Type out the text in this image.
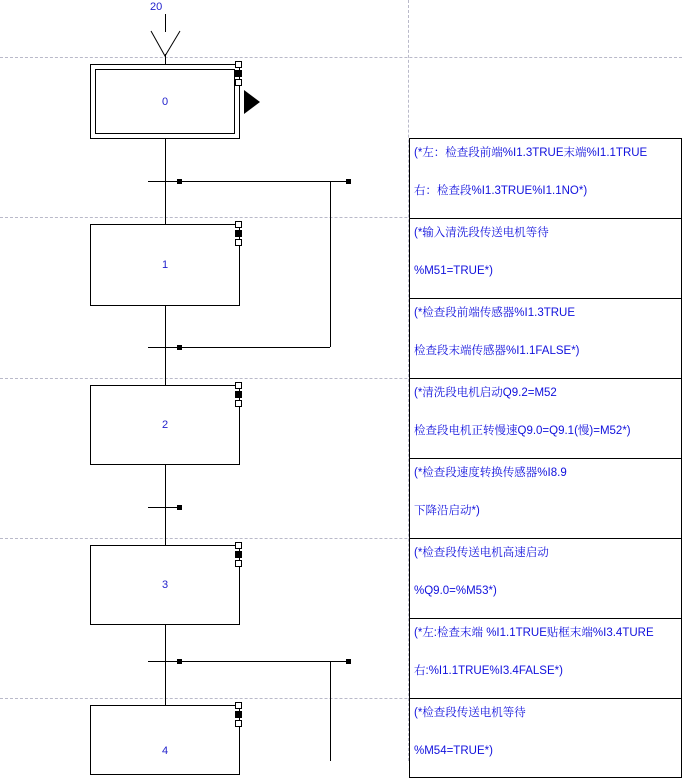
20
0
1
2
3
4
(*左：检查段前端%I1.3TRUE末端%I1.1TRUE
右：检查段%I1.3TRUE%I1.1NO*)
(*输入清洗段传送电机等待
%M51=TRUE*)
(*检查段前端传感器%I1.3TRUE
检查段末端传感器%I1.1FALSE*)
(*清洗段电机启动Q9.2=M52
检查段电机正转慢速Q9.0=Q9.1(慢)=M52*)
(*检查段速度转换传感器%I8.9
下降沿启动*)
(*检查段传送电机高速启动
%Q9.0=%M53*)
(*左:检查末端 %I1.1TRUE贴框末端%I3.4TURE
右:%I1.1TRUE%I3.4FALSE*)
(*检查段传送电机等待
%M54=TRUE*)
